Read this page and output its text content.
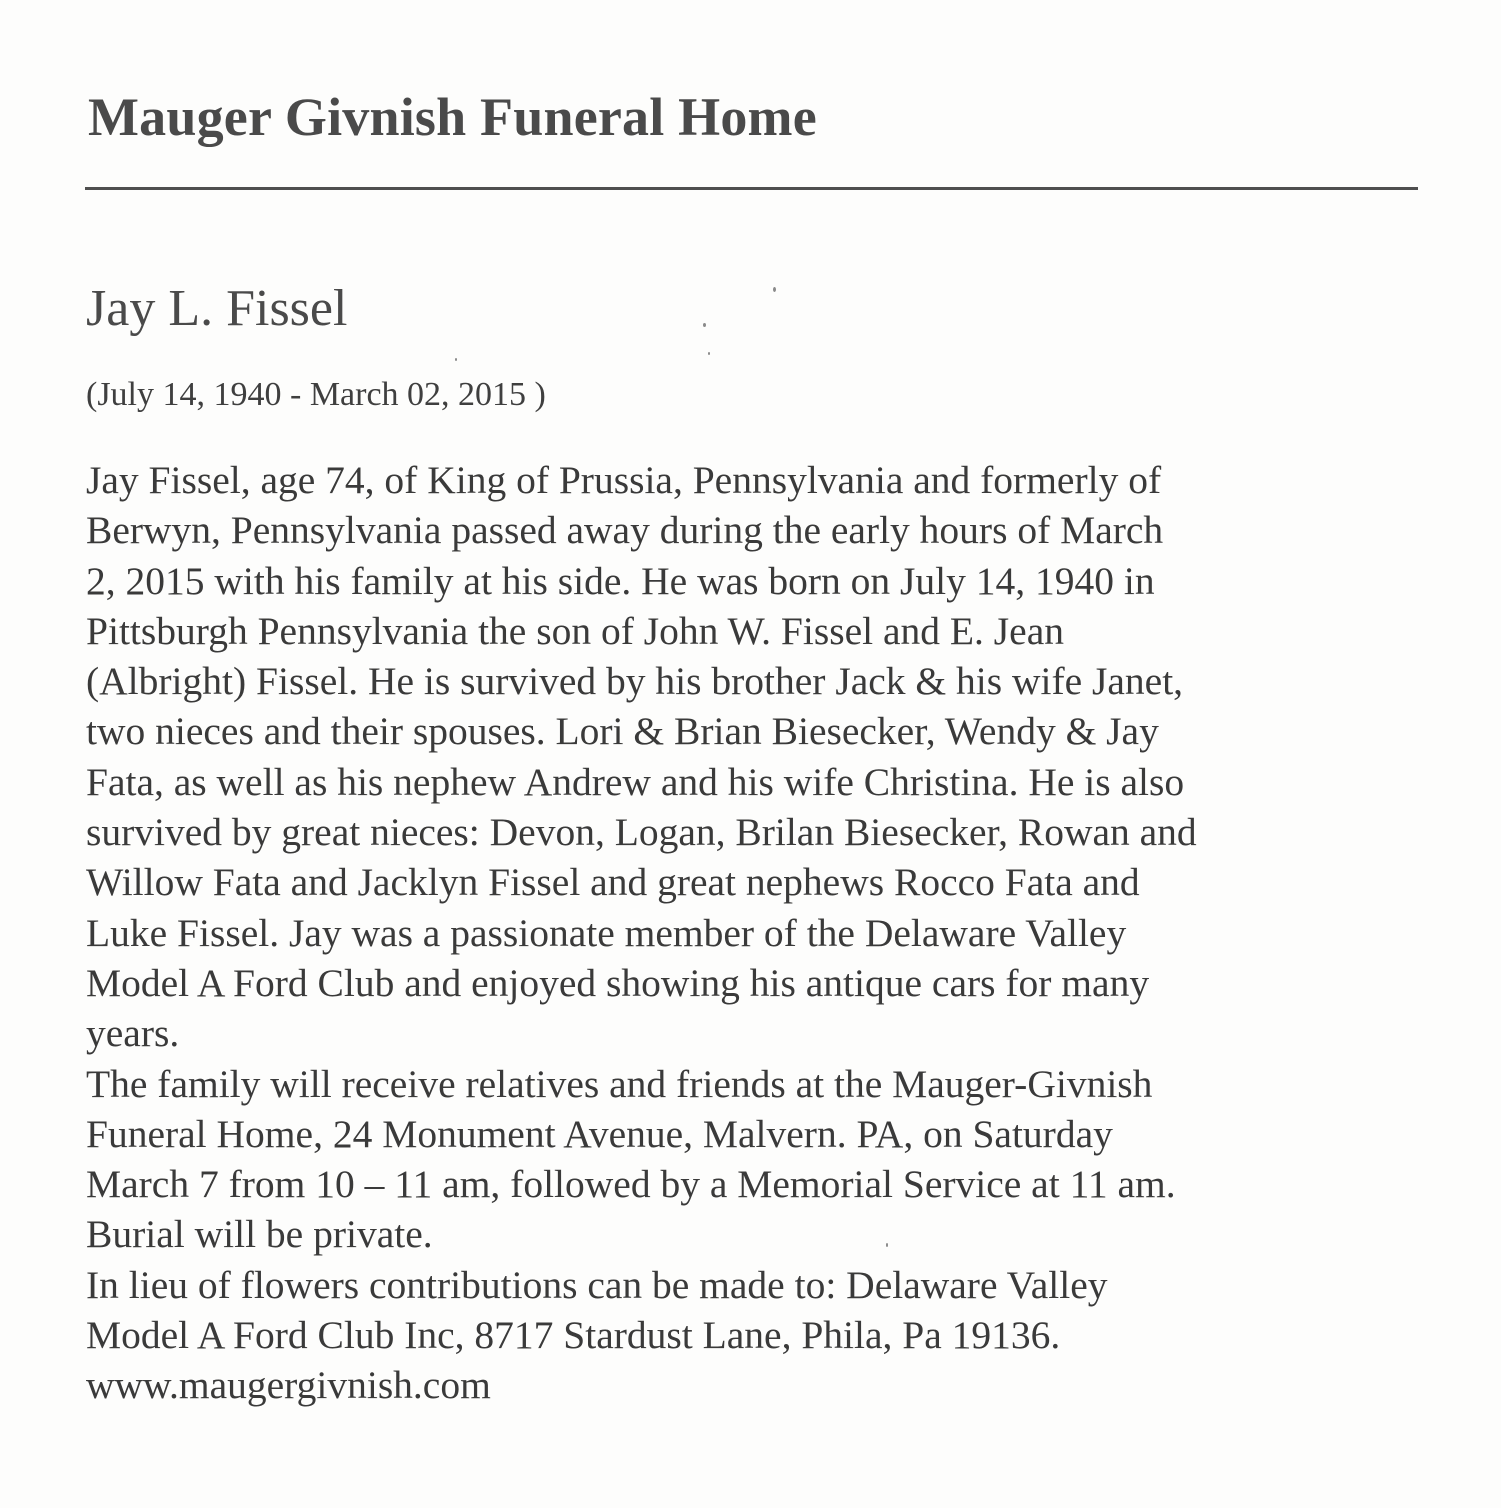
Mauger Givnish Funeral Home
Jay L. Fissel
(July 14, 1940 - March 02, 2015 )
Jay Fissel, age 74, of King of Prussia, Pennsylvania and formerly of
Berwyn, Pennsylvania passed away during the early hours of March
2, 2015 with his family at his side. He was born on July 14, 1940 in
Pittsburgh Pennsylvania the son of John W. Fissel and E. Jean
(Albright) Fissel. He is survived by his brother Jack & his wife Janet,
two nieces and their spouses. Lori & Brian Biesecker, Wendy & Jay
Fata, as well as his nephew Andrew and his wife Christina. He is also
survived by great nieces: Devon, Logan, Brilan Biesecker, Rowan and
Willow Fata and Jacklyn Fissel and great nephews Rocco Fata and
Luke Fissel. Jay was a passionate member of the Delaware Valley
Model A Ford Club and enjoyed showing his antique cars for many
years.
The family will receive relatives and friends at the Mauger-Givnish
Funeral Home, 24 Monument Avenue, Malvern. PA, on Saturday
March 7 from 10 – 11 am, followed by a Memorial Service at 11 am.
Burial will be private.
In lieu of flowers contributions can be made to: Delaware Valley
Model A Ford Club Inc, 8717 Stardust Lane, Phila, Pa 19136.
www.maugergivnish.com
